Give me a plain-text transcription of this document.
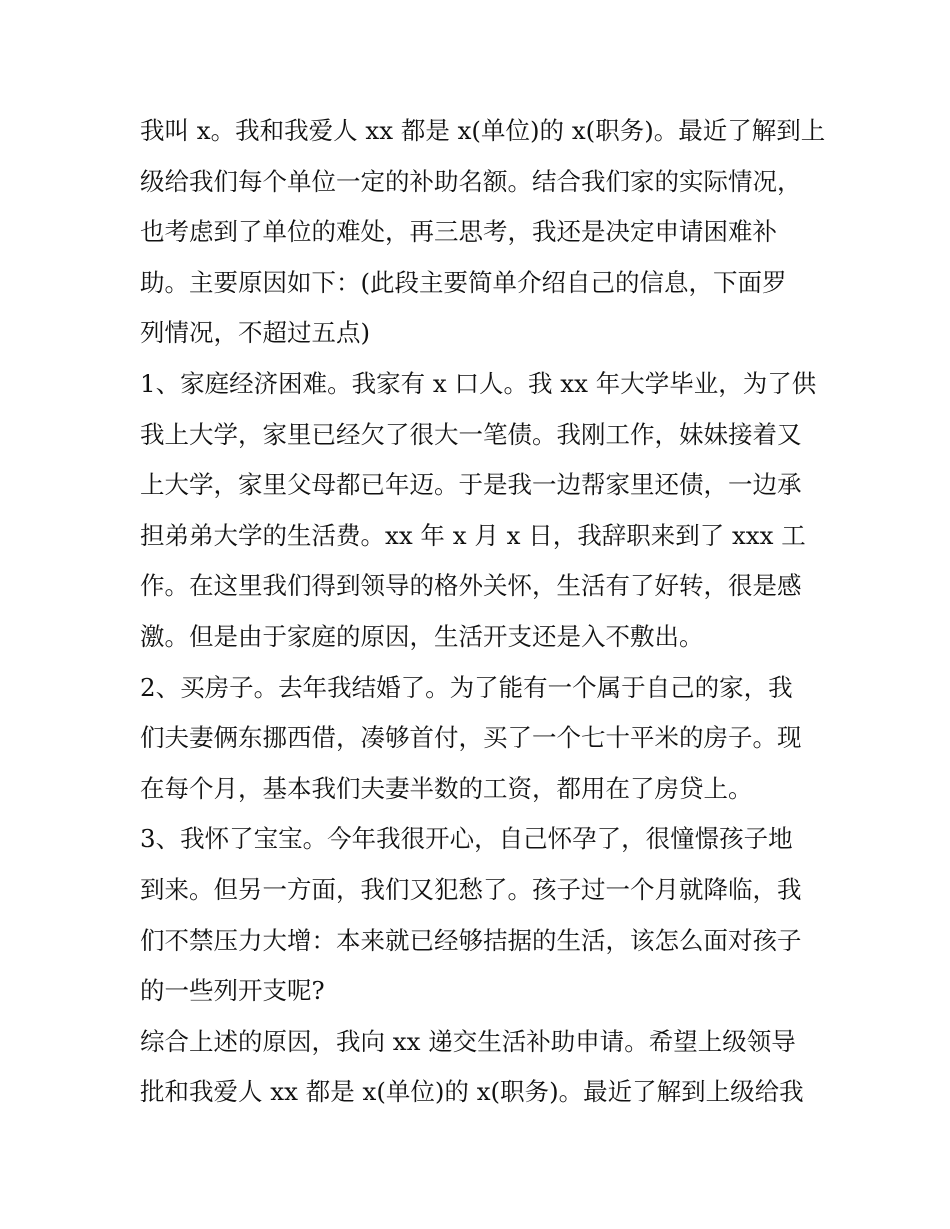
我叫 x。我和我爱人 xx 都是 x(单位)的 x(职务)。最近了解到上
级给我们每个单位一定的补助名额。结合我们家的实际情况，
也考虑到了单位的难处，再三思考，我还是决定申请困难补
助。主要原因如下：(此段主要简单介绍自己的信息，下面罗
列情况，不超过五点)
1、家庭经济困难。我家有 x 口人。我 xx 年大学毕业，为了供
我上大学，家里已经欠了很大一笔债。我刚工作，妹妹接着又
上大学，家里父母都已年迈。于是我一边帮家里还债，一边承
担弟弟大学的生活费。xx 年 x 月 x 日，我辞职来到了 xxx 工
作。在这里我们得到领导的格外关怀，生活有了好转，很是感
激。但是由于家庭的原因，生活开支还是入不敷出。
2、买房子。去年我结婚了。为了能有一个属于自己的家，我
们夫妻俩东挪西借，凑够首付，买了一个七十平米的房子。现
在每个月，基本我们夫妻半数的工资，都用在了房贷上。
3、我怀了宝宝。今年我很开心，自己怀孕了，很憧憬孩子地
到来。但另一方面，我们又犯愁了。孩子过一个月就降临，我
们不禁压力大增：本来就已经够拮据的生活，该怎么面对孩子
的一些列开支呢?
综合上述的原因，我向 xx 递交生活补助申请。希望上级领导
批和我爱人 xx 都是 x(单位)的 x(职务)。最近了解到上级给我
